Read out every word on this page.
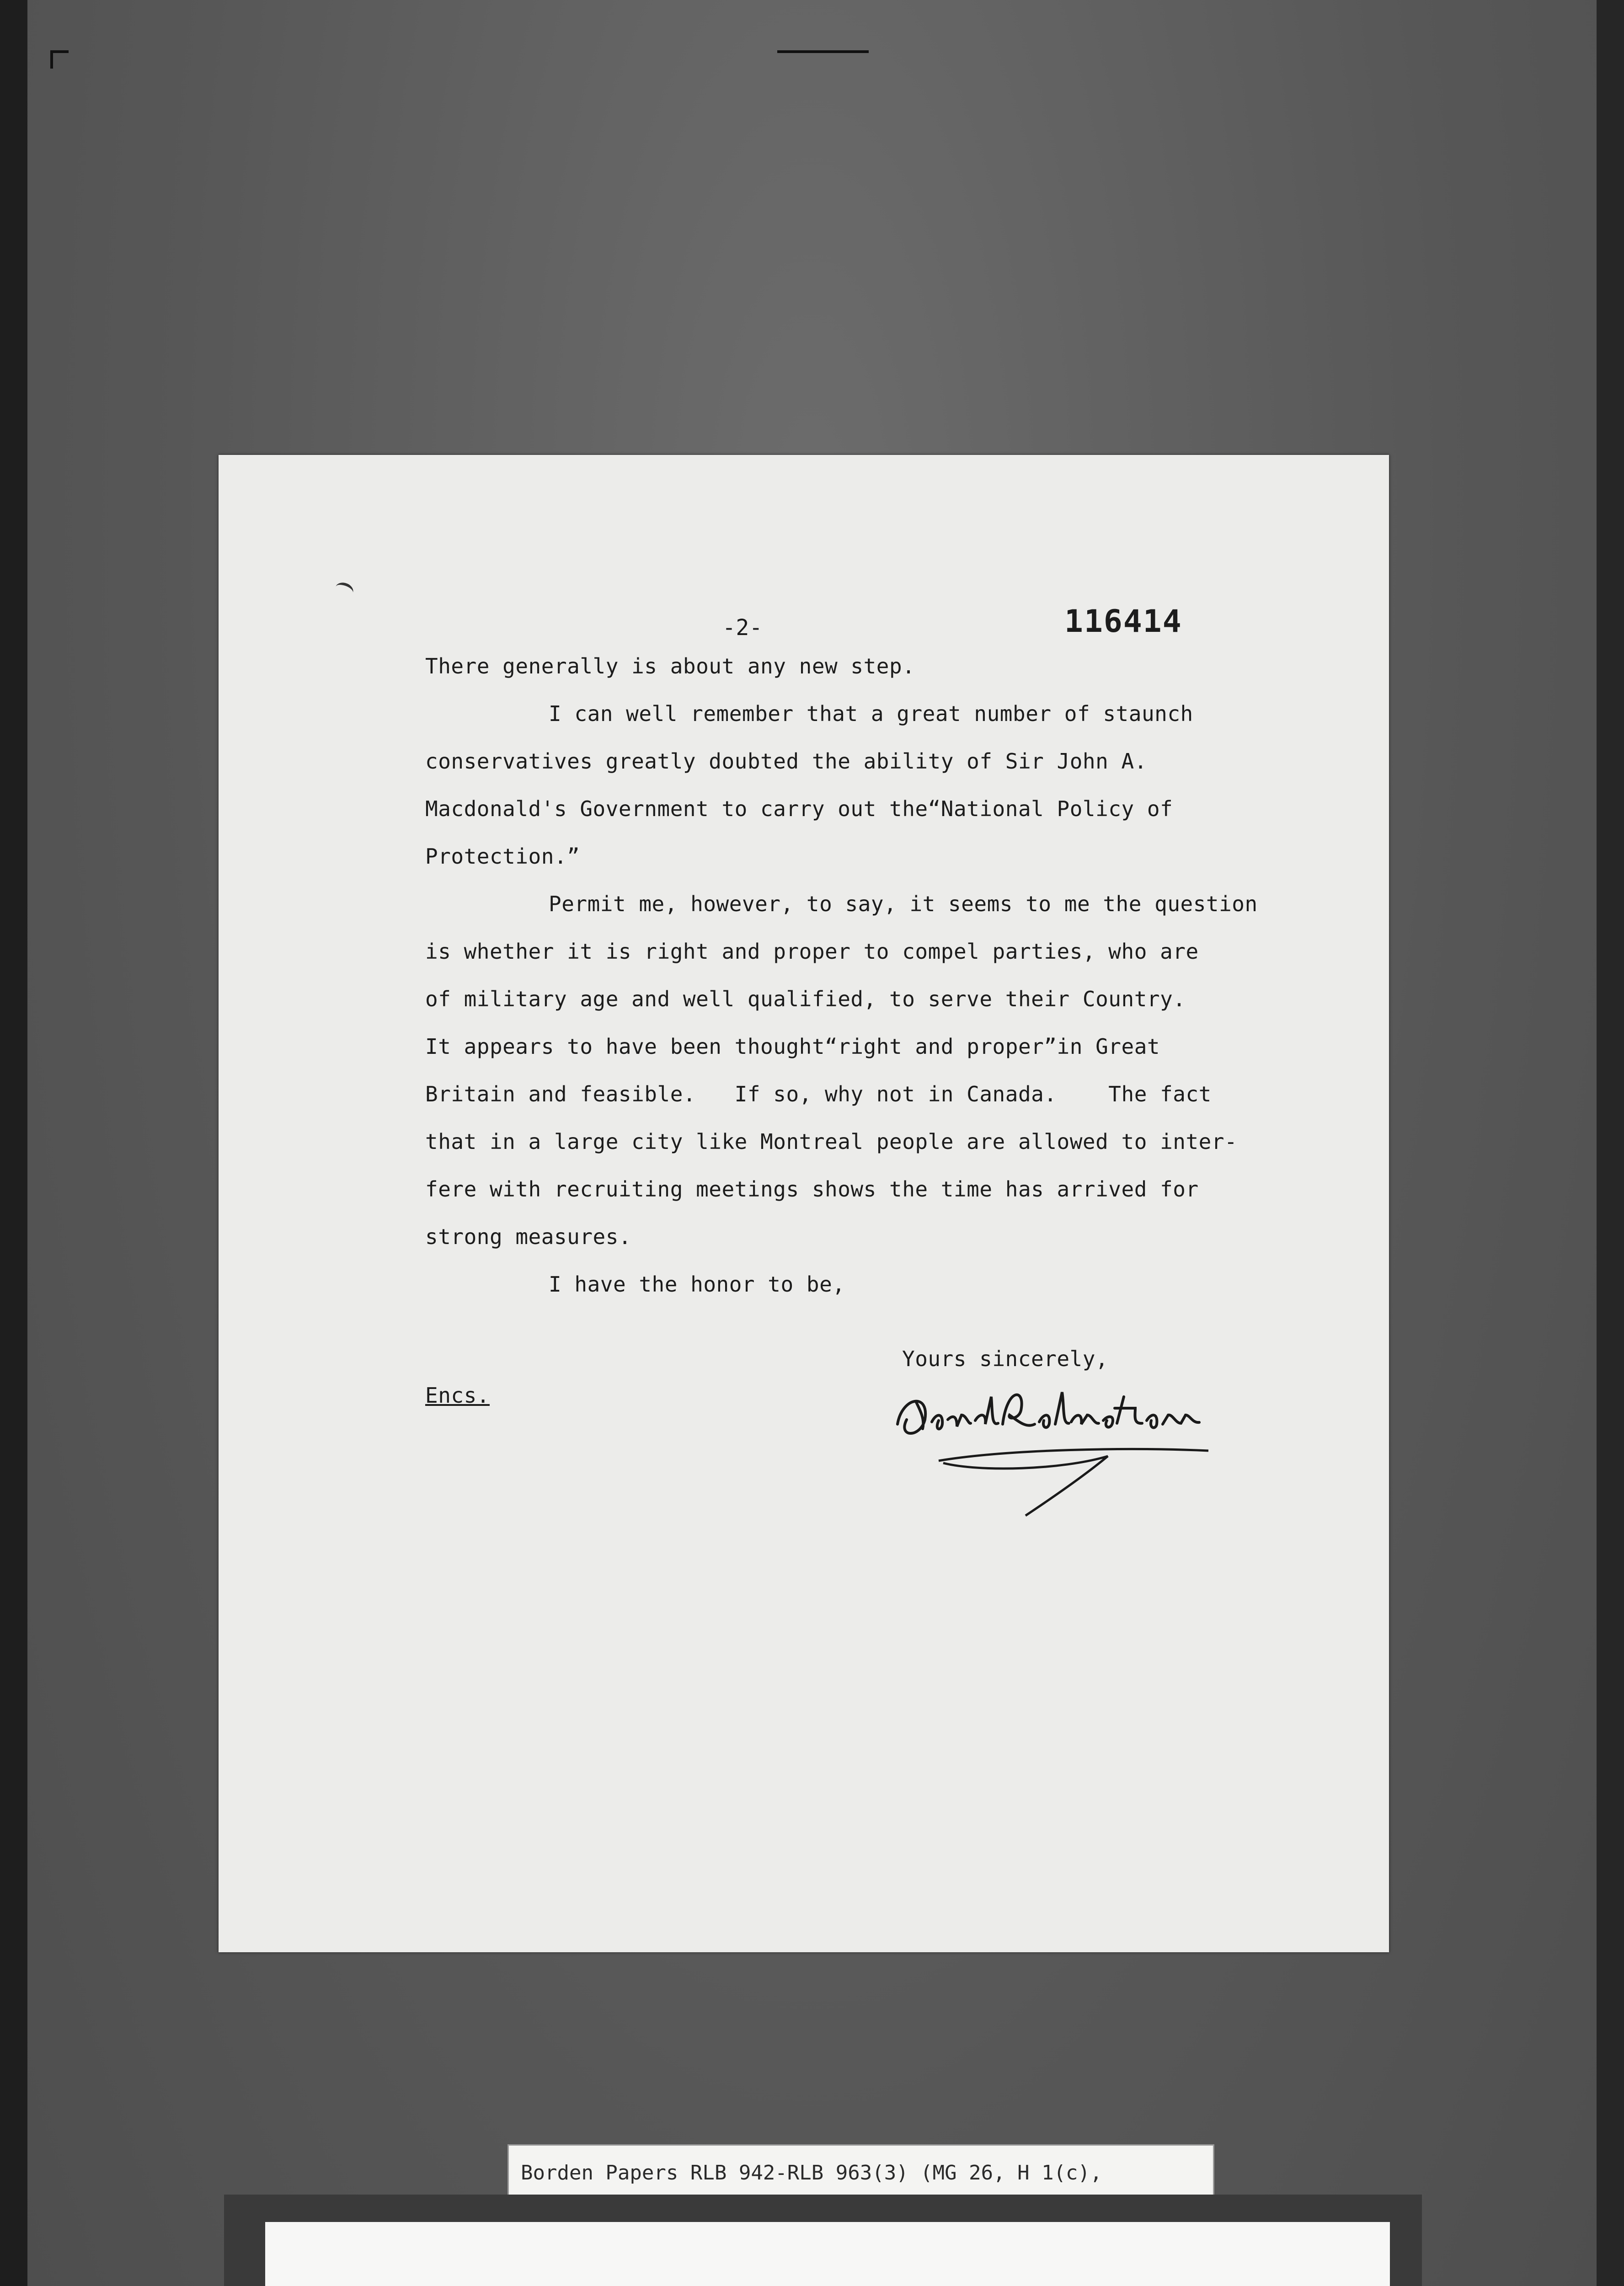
-2-	116414
There generally is about any new step.
I can well remember that a great number of staunch
conservatives greatly doubted the ability of Sir John A.
Macdonald's Government to carry out the“National Policy of
Protection.”
Permit me, however, to say, it seems to me the question
is whether it is right and proper to compel parties, who are
of military age and well qualified, to serve their Country.
It appears to have been thought“right and proper”in Great
Britain and feasible.   If so, why not in Canada.    The fact
that in a large city like Montreal people are allowed to inter-
fere with recruiting meetings shows the time has arrived for
strong measures.
I have the honor to be,
Yours sincerely,
Encs.
Borden Papers RLB 942-RLB 963(3) (MG 26, H 1(c),
